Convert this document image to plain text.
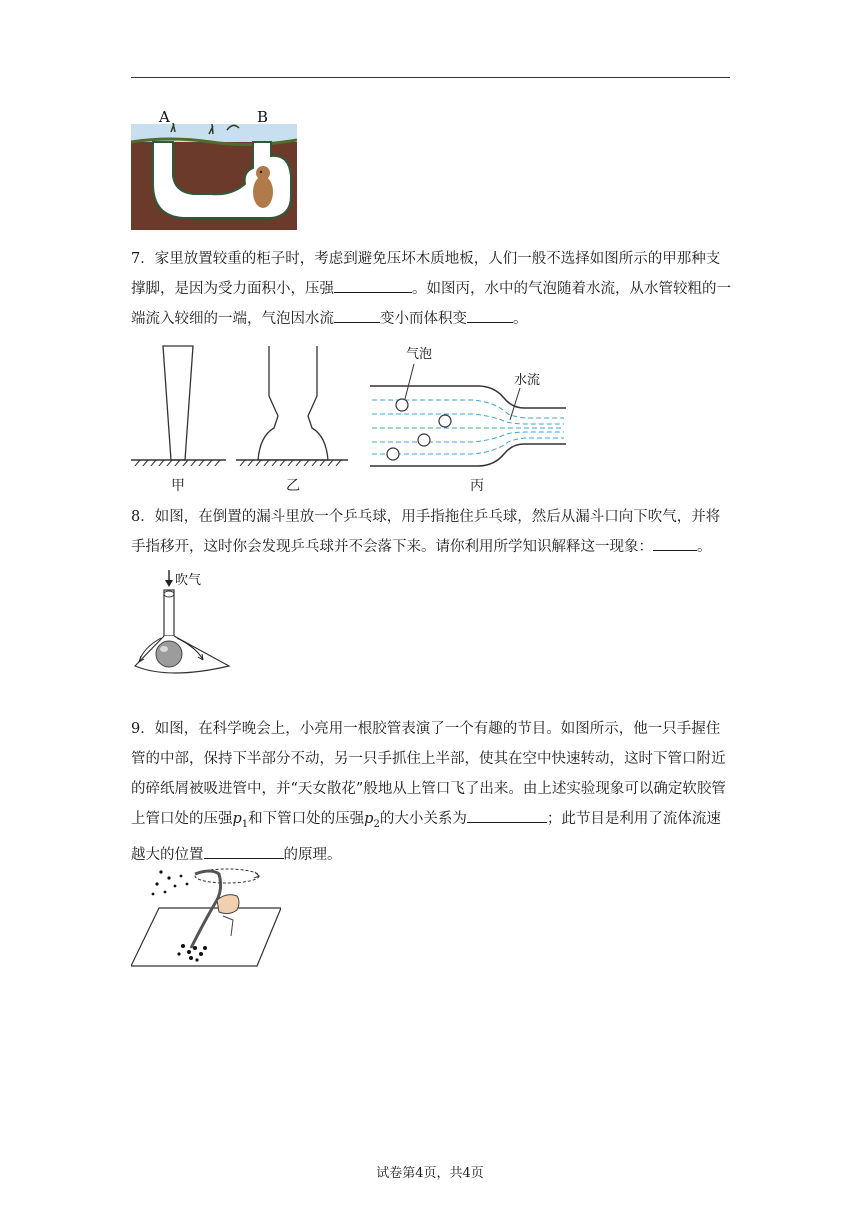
A	B

7．家里放置较重的柜子时，考虑到避免压坏木质地板，人们一般不选择如图所示的甲那种支撑脚，是因为受力面积小，压强	。如图丙，水中的气泡随着水流，从水管较粗的一端流入较细的一端，气泡因水流	变小而体积变	。

甲	乙
气泡
水流
丙

8．如图，在倒置的漏斗里放一个乒乓球，用手指拖住乒乓球，然后从漏斗口向下吹气，并将手指移开，这时你会发现乒乓球并不会落下来。请你利用所学知识解释这一现象：	。

吹气

9．如图，在科学晚会上，小亮用一根胶管表演了一个有趣的节目。如图所示，他一只手握住管的中部，保持下半部分不动，另一只手抓住上半部，使其在空中快速转动，这时下管口附近的碎纸屑被吸进管中，并“天女散花”般地从上管口飞了出来。由上述实验现象可以确定软胶管上管口处的压强$p_1$和下管口处的压强$p_2$的大小关系为	；此节目是利用了流体流速越大的位置	的原理。

试卷第4页，共4页
